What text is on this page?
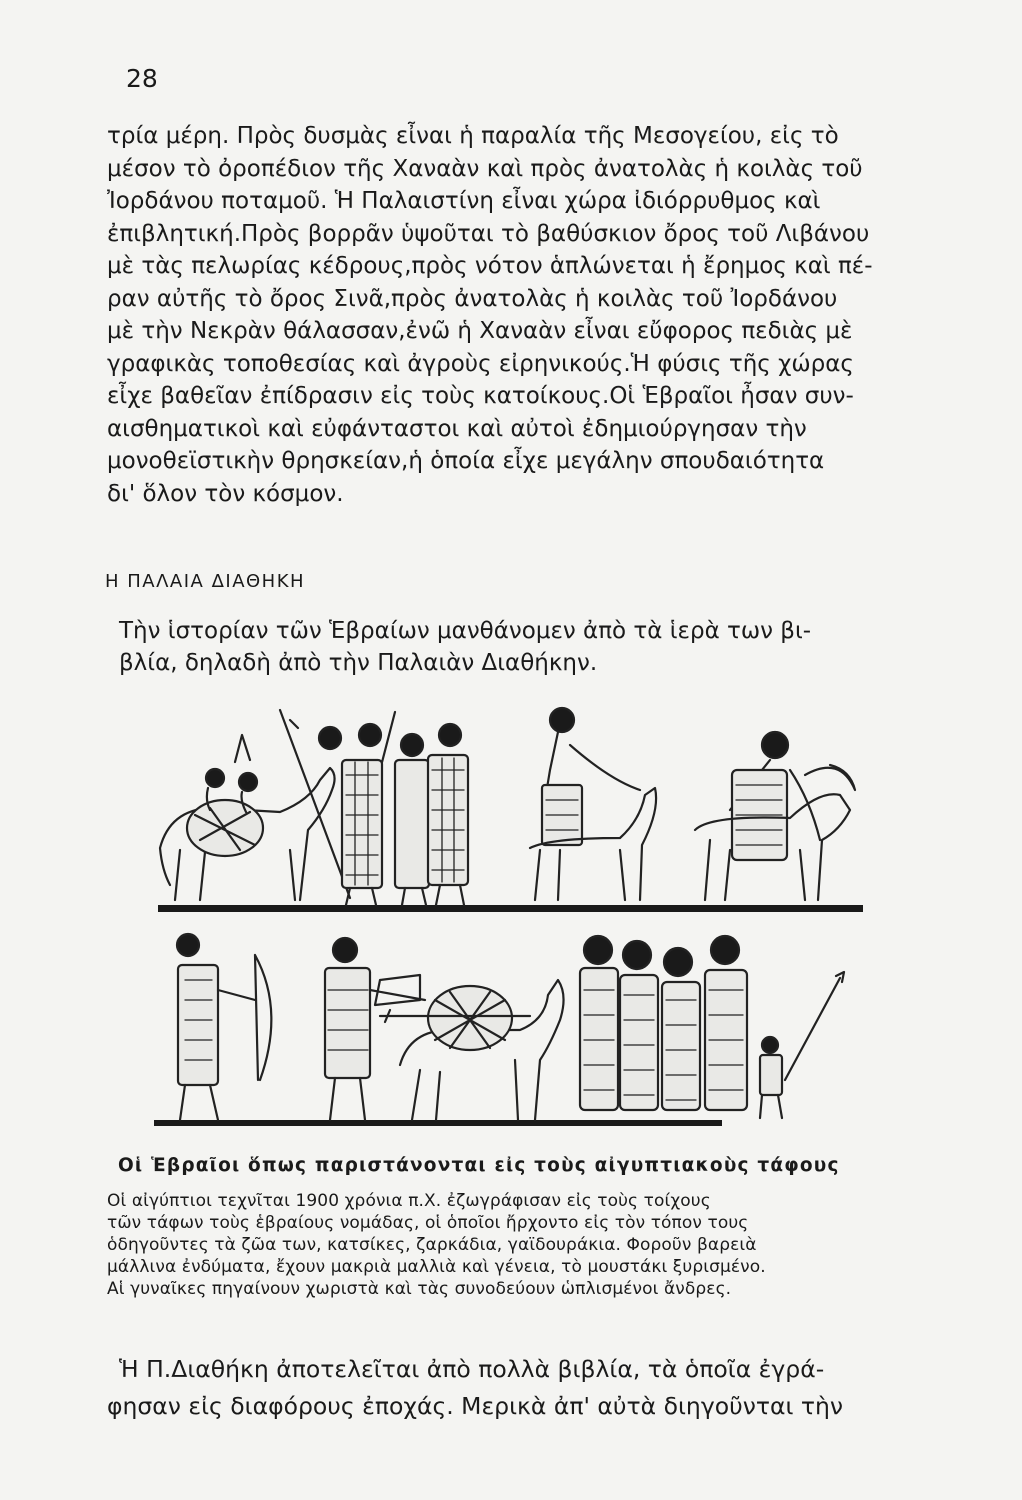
28

τρία μέρη. Πρὸς δυσμὰς εἶναι ἡ παραλία τῆς Μεσογείου, εἰς τὸ

μέσον τὸ ὀροπέδιον τῆς Χαναὰν καὶ πρὸς ἀνατολὰς ἡ κοιλὰς τοῦ

Ἰορδάνου ποταμοῦ. Ἡ Παλαιστίνη εἶναι χώρα ἰδιόρρυθμος καὶ

ἐπιβλητική.Πρὸς βορρᾶν ὑψοῦται τὸ βαθύσκιον ὄρος τοῦ Λιβάνου

μὲ τὰς πελωρίας κέδρους,πρὸς νότον ἁπλώνεται ἡ ἔρημος καὶ πέ-

ραν αὐτῆς τὸ ὄρος Σινᾶ,πρὸς ἀνατολὰς ἡ κοιλὰς τοῦ Ἰορδάνου

μὲ τὴν Νεκρὰν θάλασσαν,ἐνῶ ἡ Χαναὰν εἶναι εὔφορος πεδιὰς μὲ

γραφικὰς τοποθεσίας καὶ ἀγροὺς εἰρηνικούς.Ἡ φύσις τῆς χώρας

εἶχε βαθεῖαν ἐπίδρασιν εἰς τοὺς κατοίκους.Οἱ Ἑβραῖοι ἦσαν συν-

αισθηματικοὶ καὶ εὐφάνταστοι καὶ αὐτοὶ ἐδημιούργησαν τὴν

μονοθεϊστικὴν θρησκείαν,ἡ ὁποία εἶχε μεγάλην σπουδαιότητα

δι' ὅλον τὸν κόσμον.

Η ΠΑΛΑΙΑ ΔΙΑΘΗΚΗ
Τὴν ἱστορίαν τῶν Ἑβραίων μανθάνομεν ἀπὸ τὰ ἱερὰ των βι-
βλία, δηλαδὴ ἀπὸ τὴν Παλαιὰν Διαθήκην.
Οἱ Ἑβραῖοι ὅπως παριστάνονται εἰς τοὺς αἰγυπτιακοὺς τάφους
Οἱ αἰγύπτιοι τεχνῖται 1900 χρόνια π.Χ. ἐζωγράφισαν εἰς τοὺς τοίχους
τῶν τάφων τοὺς ἑβραίους νομάδας, οἱ ὁποῖοι ἤρχοντο εἰς τὸν τόπον τους
ὁδηγοῦντες τὰ ζῶα των, κατσίκες, ζαρκάδια, γαϊδουράκια. Φοροῦν βαρειὰ
μάλλινα ἐνδύματα, ἔχουν μακριὰ μαλλιὰ καὶ γένεια, τὸ μουστάκι ξυρισμένο.
Αἱ γυναῖκες πηγαίνουν χωριστὰ καὶ τὰς συνοδεύουν ὡπλισμένοι ἄνδρες.
Ἡ Π.Διαθήκη ἀποτελεῖται ἀπὸ πολλὰ βιβλία, τὰ ὁποῖα ἐγρά-
φησαν εἰς διαφόρους ἐποχάς. Μερικὰ ἀπ' αὐτὰ διηγοῦνται τὴν
